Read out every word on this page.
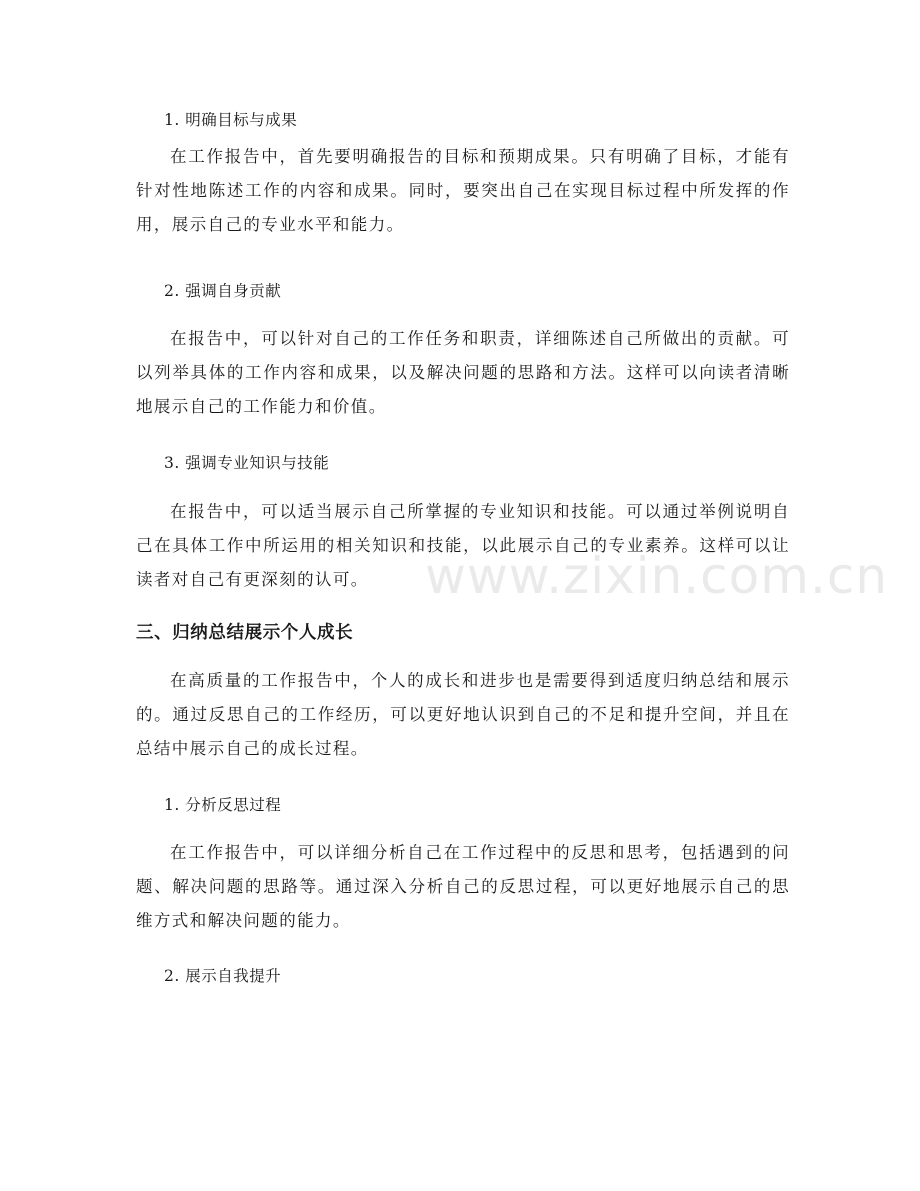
1. 明确目标与成果

在工作报告中，首先要明确报告的目标和预期成果。只有明确了目标，才能有针对性地陈述工作的内容和成果。同时，要突出自己在实现目标过程中所发挥的作用，展示自己的专业水平和能力。

2. 强调自身贡献

在报告中，可以针对自己的工作任务和职责，详细陈述自己所做出的贡献。可以列举具体的工作内容和成果，以及解决问题的思路和方法。这样可以向读者清晰地展示自己的工作能力和价值。

3. 强调专业知识与技能

在报告中，可以适当展示自己所掌握的专业知识和技能。可以通过举例说明自己在具体工作中所运用的相关知识和技能，以此展示自己的专业素养。这样可以让读者对自己有更深刻的认可。

三、归纳总结展示个人成长

在高质量的工作报告中，个人的成长和进步也是需要得到适度归纳总结和展示的。通过反思自己的工作经历，可以更好地认识到自己的不足和提升空间，并且在总结中展示自己的成长过程。

1. 分析反思过程

在工作报告中，可以详细分析自己在工作过程中的反思和思考，包括遇到的问题、解决问题的思路等。通过深入分析自己的反思过程，可以更好地展示自己的思维方式和解决问题的能力。

2. 展示自我提升
www.zixin.com.cn
